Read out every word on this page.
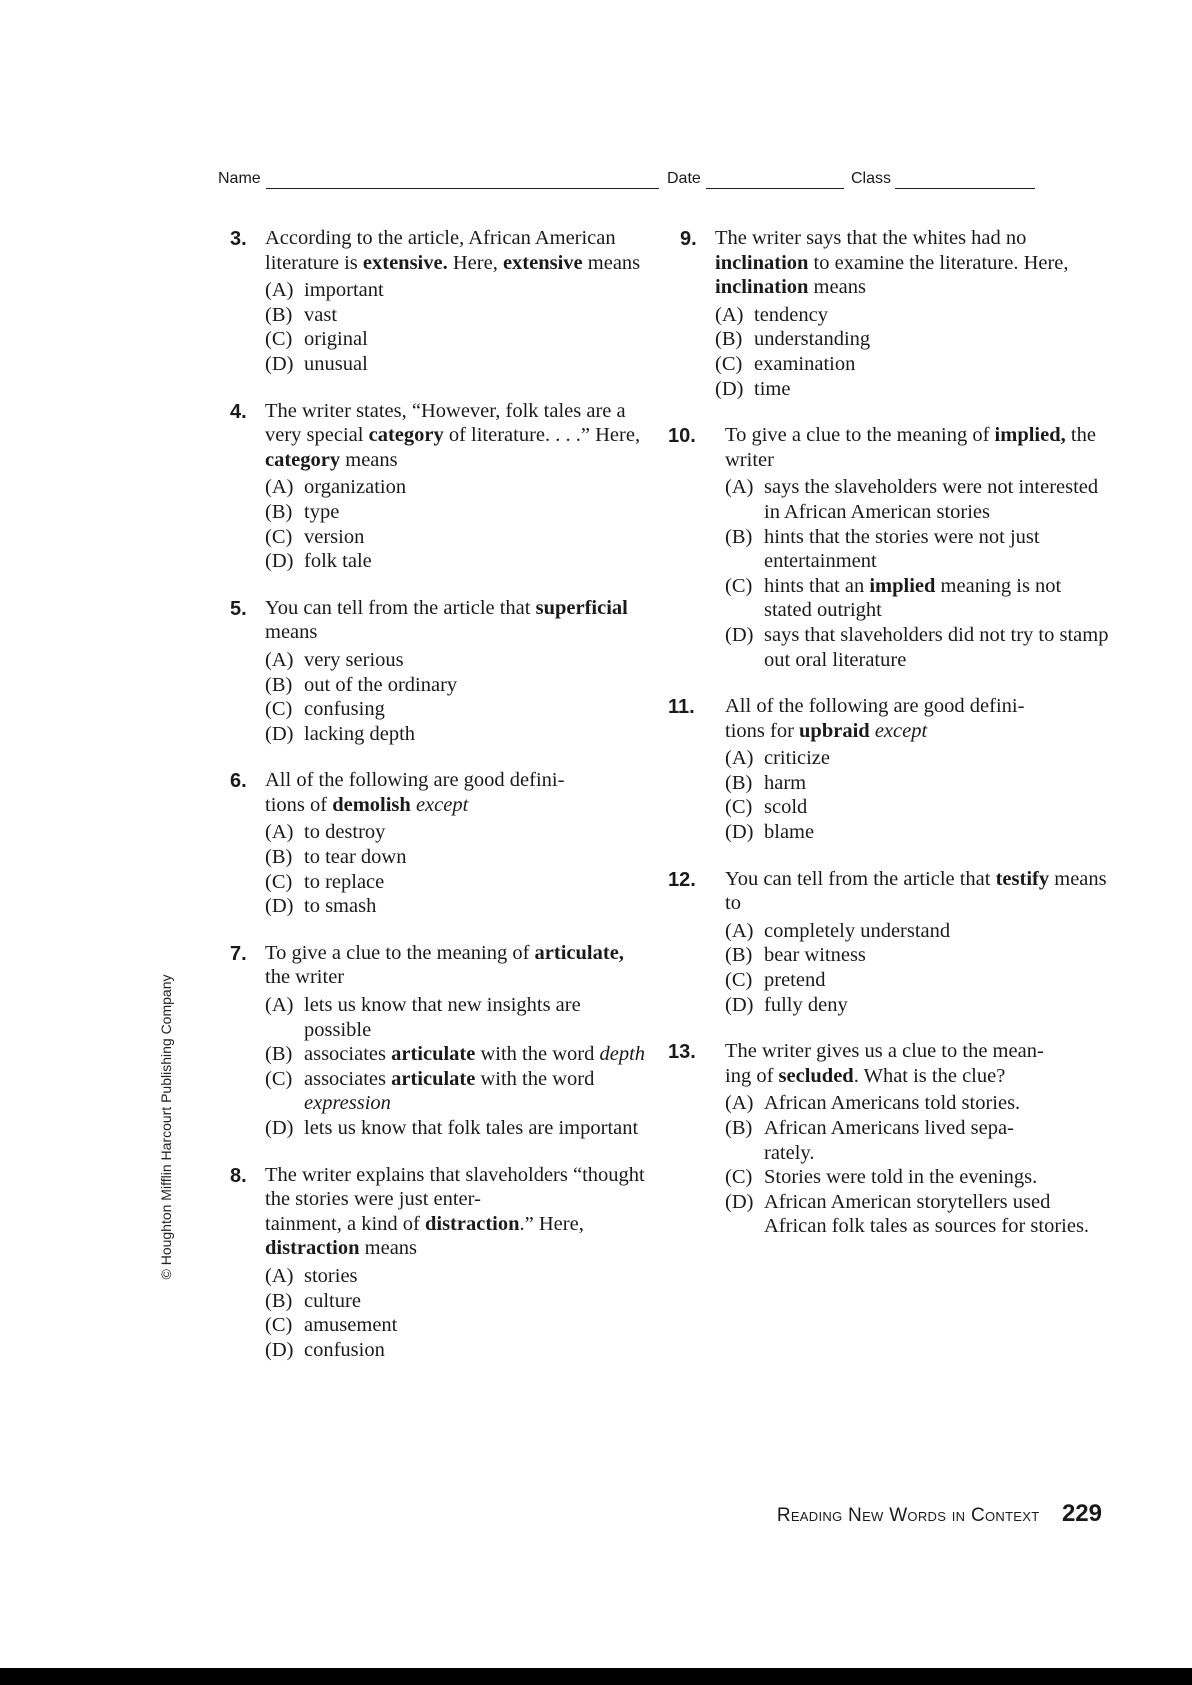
Name	Date	Class
3. According to the article, African American literature is extensive. Here, extensive means
(A) important
(B) vast
(C) original
(D) unusual
4. The writer states, “However, folk tales are a very special category of literature. . . .” Here, category means
(A) organization
(B) type
(C) version
(D) folk tale
5. You can tell from the article that superficial means
(A) very serious
(B) out of the ordinary
(C) confusing
(D) lacking depth
6. All of the following are good defini-
tions of demolish except
(A) to destroy
(B) to tear down
(C) to replace
(D) to smash
7. To give a clue to the meaning of articulate, the writer
(A) lets us know that new insights are possible
(B) associates articulate with the word depth
(C) associates articulate with the word expression
(D) lets us know that folk tales are important
8. The writer explains that slaveholders “thought the stories were just enter-
tainment, a kind of distraction.” Here, distraction means
(A) stories
(B) culture
(C) amusement
(D) confusion
9. The writer says that the whites had no inclination to examine the literature. Here, inclination means
(A) tendency
(B) understanding
(C) examination
(D) time
10.	To give a clue to the meaning of implied, the writer
(A) says the slaveholders were not interested in African American stories
(B) hints that the stories were not just entertainment
(C) hints that an implied meaning is not stated outright
(D) says that slaveholders did not try to stamp out oral literature
11.	All of the following are good defini-
tions for upbraid except
(A) criticize
(B) harm
(C) scold
(D) blame
12.	You can tell from the article that testify means to
(A) completely understand
(B) bear witness
(C) pretend
(D) fully deny
13.	The writer gives us a clue to the mean-
ing of secluded. What is the clue?
(A) African Americans told stories.
(B) African Americans lived sepa-
rately.
(C) Stories were told in the evenings.
(D) African American storytellers used African folk tales as sources for stories.
© Houghton Mifflin Harcourt Publishing Company
Reading New Words in Context 229
